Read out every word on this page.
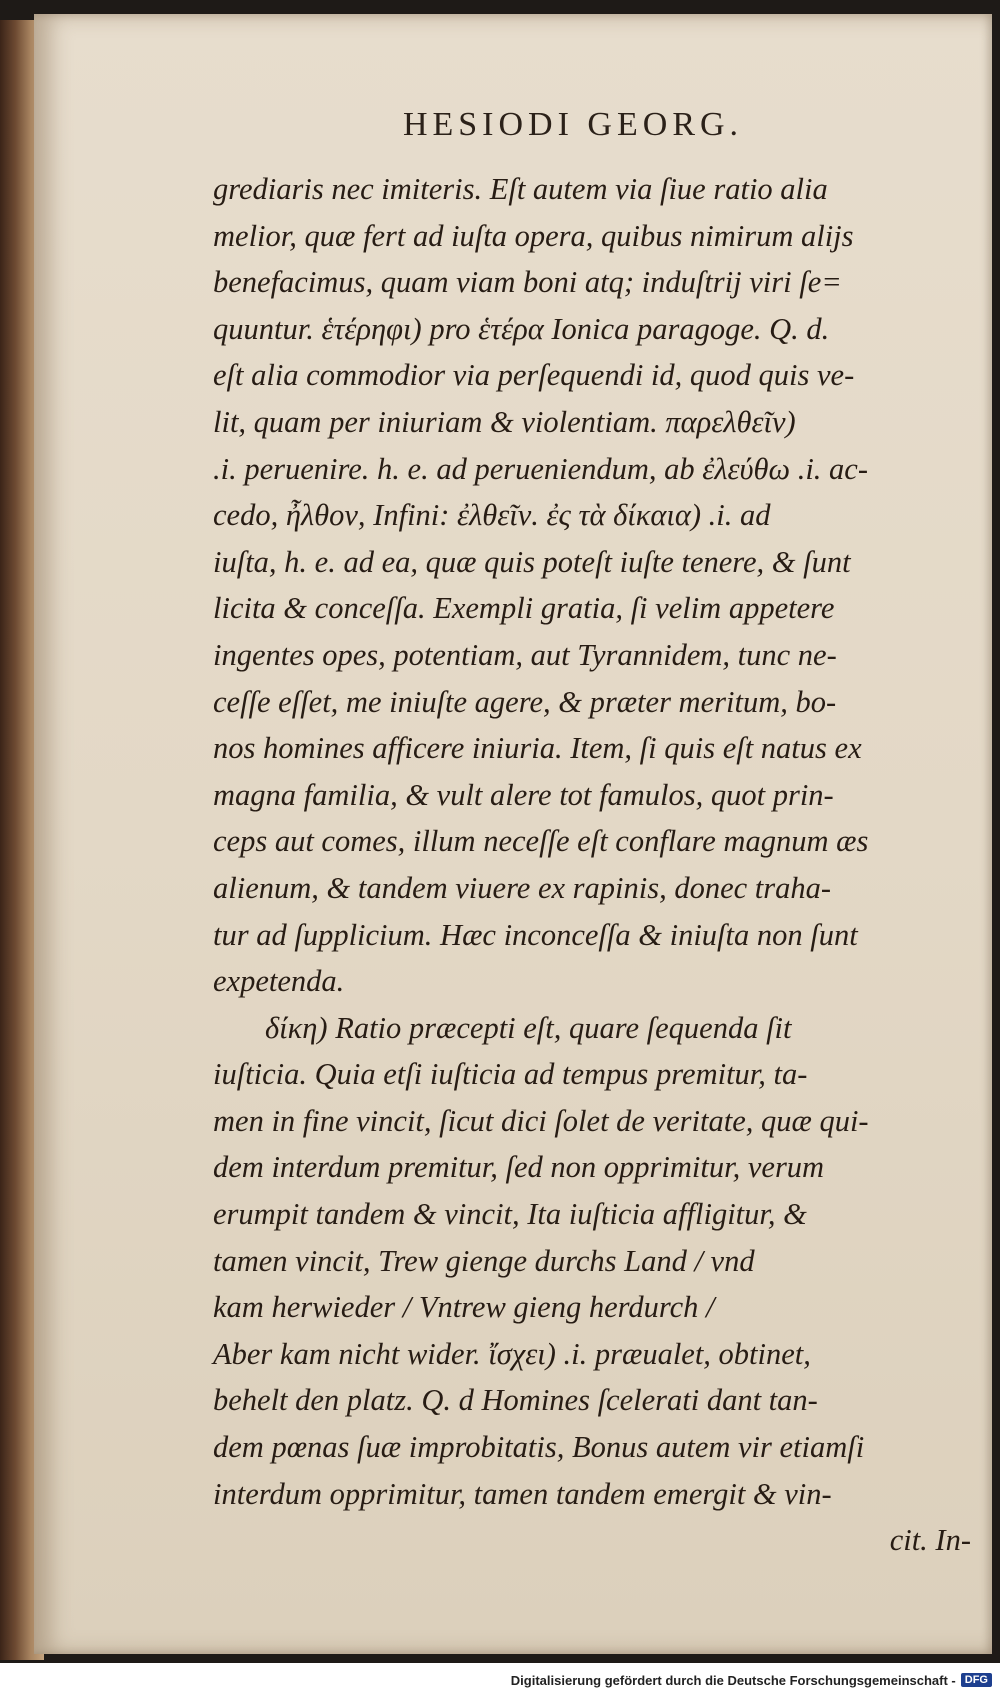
HESIODI GEORG.
grediaris nec imiteris. Eſt autem via ſiue ratio alia
melior, quæ fert ad iuſta opera, quibus nimirum alijs
benefacimus, quam viam boni atq; induſtrij viri ſe=
quuntur. ἑτέρηφι) pro ἑτέρα Ionica paragoge. Q. d.
eſt alia commodior via perſequendi id, quod quis ve-
lit, quam per iniuriam & violentiam. παρελθεῖν)
.i. peruenire. h. e. ad perueniendum, ab ἐλεύθω .i. ac-
cedo, ἦλθον, Infini: ἐλθεῖν. ἐς τὰ δίκαια) .i. ad
iuſta, h. e. ad ea, quæ quis poteſt iuſte tenere, & ſunt
licita & conceſſa. Exempli gratia, ſi velim appetere
ingentes opes, potentiam, aut Tyrannidem, tunc ne-
ceſſe eſſet, me iniuſte agere, & præter meritum, bo-
nos homines afficere iniuria. Item, ſi quis eſt natus ex
magna familia, & vult alere tot famulos, quot prin-
ceps aut comes, illum neceſſe eſt conflare magnum æs
alienum, & tandem viuere ex rapinis, donec traha-
tur ad ſupplicium. Hæc inconceſſa & iniuſta non ſunt
expetenda.
δίκη) Ratio præcepti eſt, quare ſequenda ſit
iuſticia. Quia etſi iuſticia ad tempus premitur, ta-
men in fine vincit, ſicut dici ſolet de veritate, quæ qui-
dem interdum premitur, ſed non opprimitur, verum
erumpit tandem & vincit, Ita iuſticia affligitur, &
tamen vincit, Trew gienge durchs Land / vnd
kam herwieder / Vntrew gieng herdurch /
Aber kam nicht wider. ἴσχει) .i. præualet, obtinet,
behelt den platz. Q. d Homines ſcelerati dant tan-
dem pœnas ſuæ improbitatis, Bonus autem vir etiamſi
interdum opprimitur, tamen tandem emergit & vin-
cit. In-
Digitalisierung gefördert durch die Deutsche Forschungsgemeinschaft - DFG
